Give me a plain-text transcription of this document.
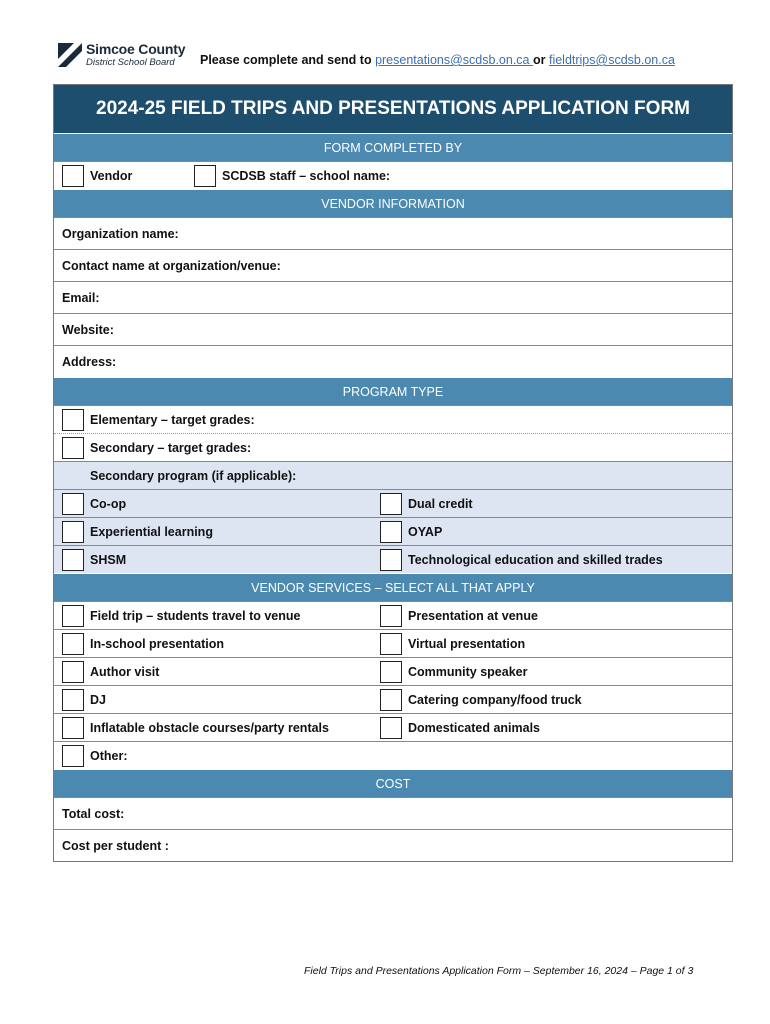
Simcoe County
District School Board Please complete and send to presentations@scdsb.on.ca or fieldtrips@scdsb.on.ca
2024-25 FIELD TRIPS AND PRESENTATIONS APPLICATION FORM
FORM COMPLETED BY
Vendor	SCDSB staff – school name:
VENDOR INFORMATION
Organization name:
Contact name at organization/venue:
Email:
Website:
Address:
PROGRAM TYPE
Elementary – target grades:
Secondary – target grades:
Secondary program (if applicable):
Co-op	Dual credit
Experiential learning	OYAP
SHSM	Technological education and skilled trades
VENDOR SERVICES – SELECT ALL THAT APPLY
Field trip – students travel to venue	Presentation at venue
In-school presentation	Virtual presentation
Author visit	Community speaker
DJ	Catering company/food truck
Inflatable obstacle courses/party rentals	Domesticated animals
Other:
COST
Total cost:
Cost per student :
Field Trips and Presentations Application Form – September 16, 2024 – Page 1 of 3
